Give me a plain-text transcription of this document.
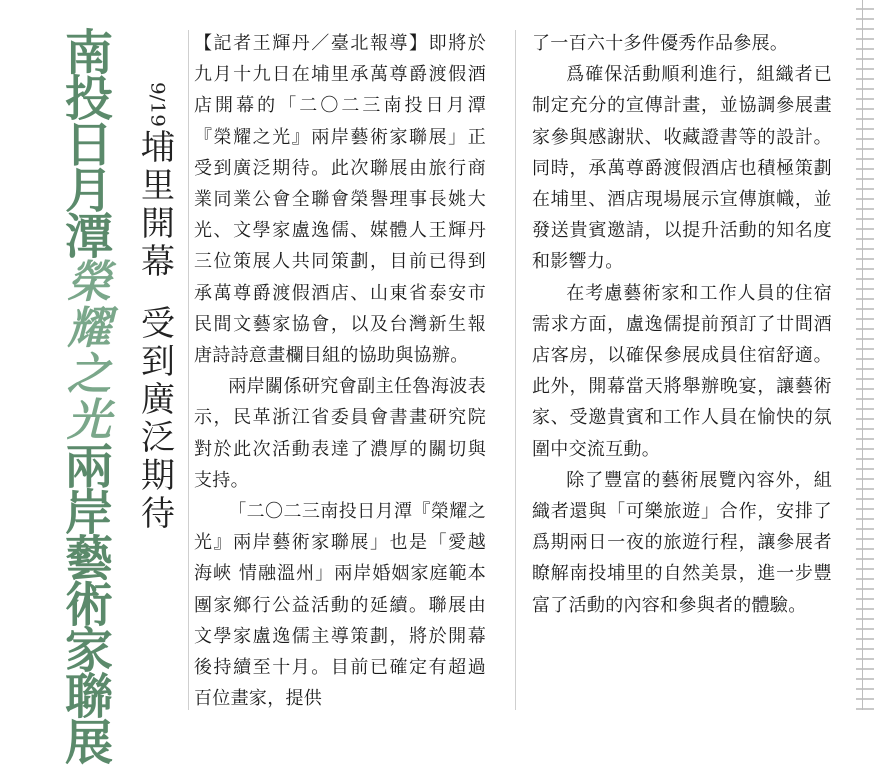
南
投
日
月
潭
榮
耀
之
光
兩
岸
藝
術
家
聯
展
9/19
埔
里
開
幕
受
到
廣
泛
期
待

【記者王輝丹／臺北報導】即將於九月十九日在埔里承萬尊爵渡假酒店開幕的「二〇二三南投日月潭『榮耀之光』兩岸藝術家聯展」正受到廣泛期待。此次聯展由旅行商業同業公會全聯會榮譽理事長姚大光、文學家盧逸儒、媒體人王輝丹三位策展人共同策劃，目前已得到承萬尊爵渡假酒店、山東省泰安市民間文藝家協會，以及台灣新生報唐詩詩意畫欄目組的協助與協辦。

兩岸關係研究會副主任魯海波表示，民革浙江省委員會書畫研究院對於此次活動表達了濃厚的關切與支持。

「二〇二三南投日月潭『榮耀之光』兩岸藝術家聯展」也是「愛越海峽 情融溫州」兩岸婚姻家庭範本團家鄉行公益活動的延續。聯展由文學家盧逸儒主導策劃，將於開幕後持續至十月。目前已確定有超過百位畫家，提供

了一百六十多件優秀作品參展。

爲確保活動順利進行，組織者已制定充分的宣傳計畫，並協調參展畫家參與感謝狀、收藏證書等的設計。同時，承萬尊爵渡假酒店也積極策劃在埔里、酒店現場展示宣傳旗幟，並發送貴賓邀請，以提升活動的知名度和影響力。

在考慮藝術家和工作人員的住宿需求方面，盧逸儒提前預訂了廿間酒店客房，以確保參展成員住宿舒適。此外，開幕當天將舉辦晚宴，讓藝術家、受邀貴賓和工作人員在愉快的氛圍中交流互動。

除了豐富的藝術展覽內容外，組織者還與「可樂旅遊」合作，安排了爲期兩日一夜的旅遊行程，讓參展者瞭解南投埔里的自然美景，進一步豐富了活動的內容和參與者的體驗。
